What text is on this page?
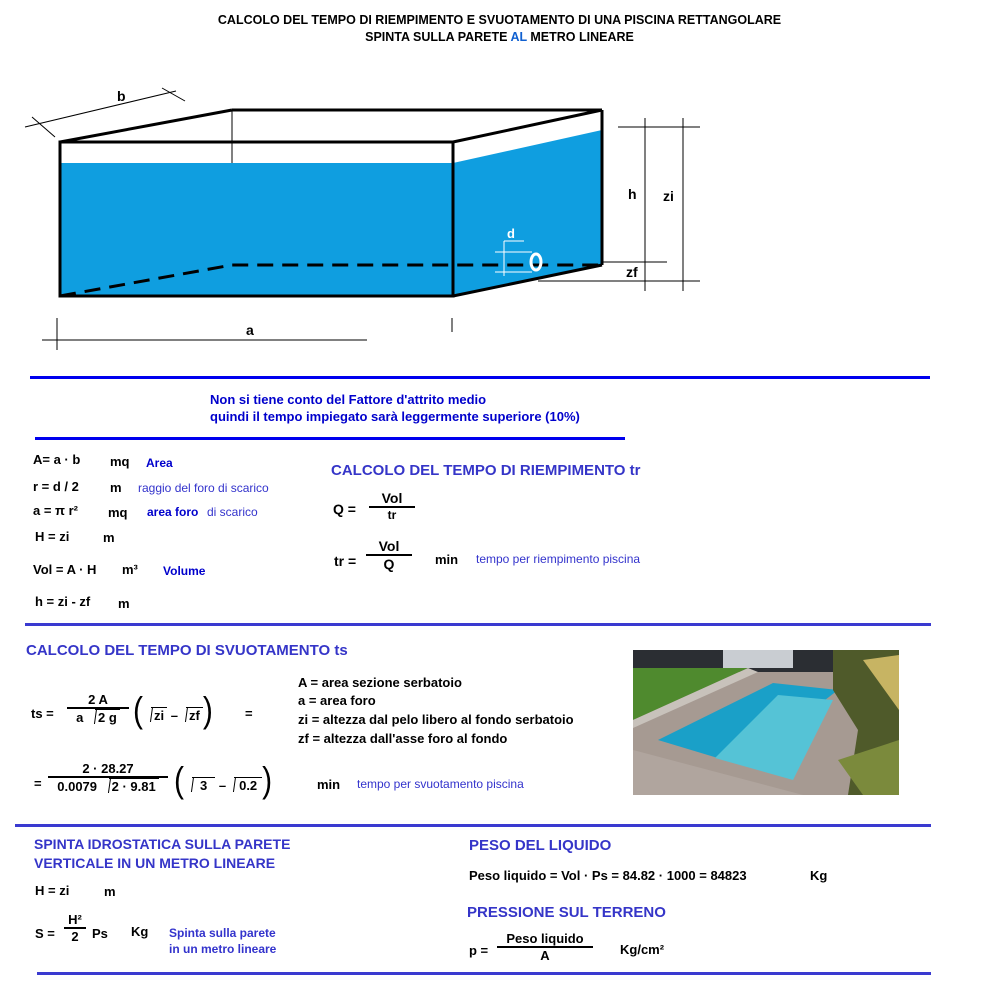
CALCOLO DEL TEMPO DI RIEMPIMENTO E SVUOTAMENTO DI UNA PISCINA RETTANGOLARE
SPINTA SULLA PARETE AL METRO LINEARE
b
a
h zi
zf
d
Non si tiene conto del Fattore d'attrito medio
quindi il tempo impiegato sarà leggermente superiore (10%)
A= a · b mq Area
r = d / 2 m raggio del foro di scarico
a = π r² mq area foro di scarico
H = zi	m
Vol = A · H m³ Volume
h = zi - zf m
CALCOLO DEL TEMPO DI RIEMPIMENTO tr
Q =
Vol
tr
tr =
Vol
Q	min tempo per riempimento piscina
CALCOLO DEL TEMPO DI SVUOTAMENTO ts
ts =
2 A
a 2 g ( zi – zf ) =
A = area sezione serbatoio
a = area foro
zi = altezza dal pelo libero al fondo serbatoio
zf = altezza dall'asse foro al fondo
=
2 · 28.27
0.0079 2 · 9.81 ( 3 – 0.2 )	min tempo per svuotamento piscina
SPINTA IDROSTATICA SULLA PARETE
VERTICALE IN UN METRO LINEARE
H = zi	m
S =
H²
2	Ps Kg Spinta sulla parete
in un metro lineare
PESO DEL LIQUIDO
Peso liquido = Vol · Ps = 84.82 · 1000 = 84823	Kg
PRESSIONE SUL TERRENO
p =
Peso liquido
A	Kg/cm²
